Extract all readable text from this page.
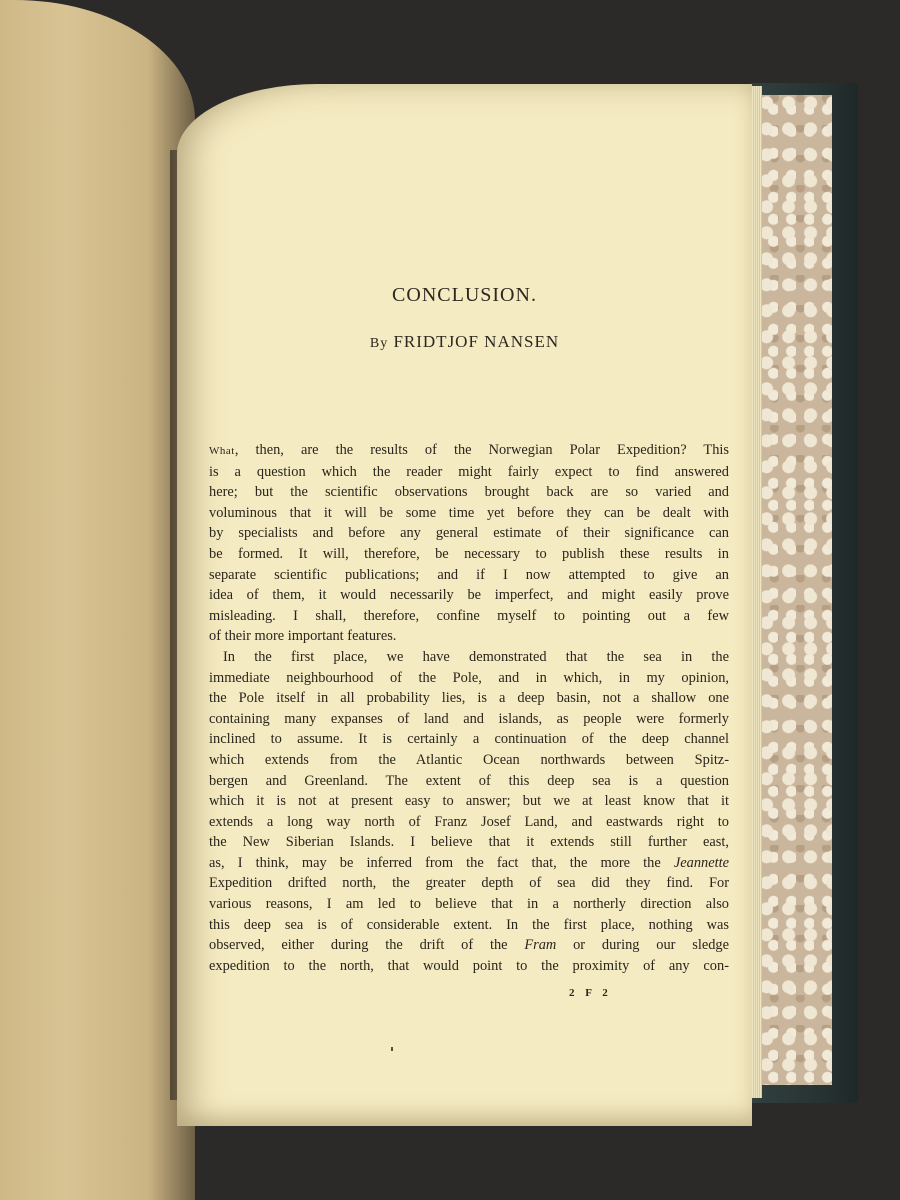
CONCLUSION.
By FRIDTJOF NANSEN
What, then, are the results of the Norwegian Polar Expedition? This
is a question which the reader might fairly expect to find answered
here; but the scientific observations brought back are so varied and
voluminous that it will be some time yet before they can be dealt with
by specialists and before any general estimate of their significance can
be formed. It will, therefore, be necessary to publish these results in
separate scientific publications; and if I now attempted to give an
idea of them, it would necessarily be imperfect, and might easily prove
misleading. I shall, therefore, confine myself to pointing out a few
of their more important features.
In the first place, we have demonstrated that the sea in the
immediate neighbourhood of the Pole, and in which, in my opinion,
the Pole itself in all probability lies, is a deep basin, not a shallow one
containing many expanses of land and islands, as people were formerly
inclined to assume. It is certainly a continuation of the deep channel
which extends from the Atlantic Ocean northwards between Spitz-
bergen and Greenland. The extent of this deep sea is a question
which it is not at present easy to answer; but we at least know that it
extends a long way north of Franz Josef Land, and eastwards right to
the New Siberian Islands. I believe that it extends still further east,
as, I think, may be inferred from the fact that, the more the Jeannette
Expedition drifted north, the greater depth of sea did they find. For
various reasons, I am led to believe that in a northerly direction also
this deep sea is of considerable extent. In the first place, nothing was
observed, either during the drift of the Fram or during our sledge
expedition to the north, that would point to the proximity of any con-
2 F 2
